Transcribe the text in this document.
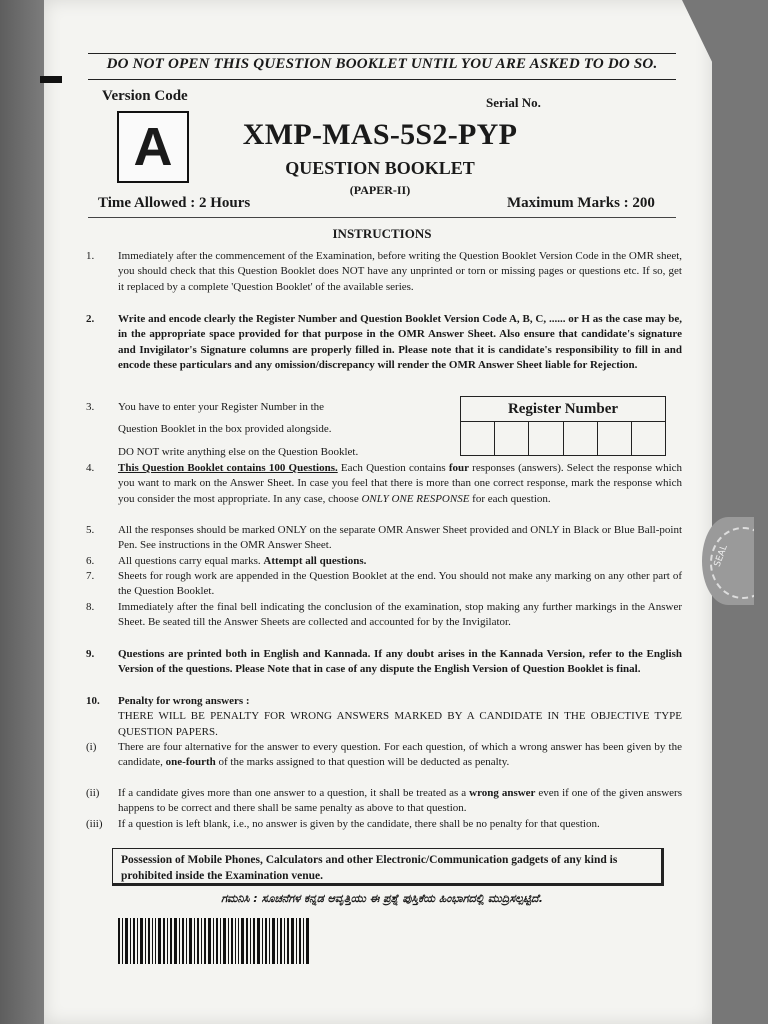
DO NOT OPEN THIS QUESTION BOOKLET UNTIL YOU ARE ASKED TO DO SO.
Version Code	Serial No.
A	XMP-MAS-5S2-PYP
QUESTION BOOKLET
(PAPER-II)
Time Allowed : 2 Hours	Maximum Marks : 200
INSTRUCTIONS
1.	Immediately after the commencement of the Examination, before writing the Question Booklet Version Code in the OMR sheet, you should check that this Question Booklet does NOT have any unprinted or torn or missing pages or questions etc. If so, get it replaced by a complete 'Question Booklet' of the available series.
2.	Write and encode clearly the Register Number and Question Booklet Version Code A, B, C, ...... or H as the case may be, in the appropriate space provided for that purpose in the OMR Answer Sheet. Also ensure that candidate's signature and Invigilator's Signature columns are properly filled in. Please note that it is candidate's responsibility to fill in and encode these particulars and any omission/discrepancy will render the OMR Answer Sheet liable for Rejection.
3.	You have to enter your Register Number in the
Question Booklet in the box provided alongside.
DO NOT write anything else on the Question Booklet.
Register Number
4.	This Question Booklet contains 100 Questions. Each Question contains four responses (answers). Select the response which you want to mark on the Answer Sheet. In case you feel that there is more than one correct response, mark the response which you consider the most appropriate. In any case, choose ONLY ONE RESPONSE for each question.
5.	All the responses should be marked ONLY on the separate OMR Answer Sheet provided and ONLY in Black or Blue Ball-point Pen. See instructions in the OMR Answer Sheet.
6.	All questions carry equal marks. Attempt all questions.
7.	Sheets for rough work are appended in the Question Booklet at the end. You should not make any marking on any other part of the Question Booklet.
8.	Immediately after the final bell indicating the conclusion of the examination, stop making any further markings in the Answer Sheet. Be seated till the Answer Sheets are collected and accounted for by the Invigilator.
9.	Questions are printed both in English and Kannada. If any doubt arises in the Kannada Version, refer to the English Version of the questions. Please Note that in case of any dispute the English Version of Question Booklet is final.
10.	Penalty for wrong answers :
THERE WILL BE PENALTY FOR WRONG ANSWERS MARKED BY A CANDIDATE IN THE OBJECTIVE TYPE QUESTION PAPERS.
(i)	There are four alternative for the answer to every question. For each question, of which a wrong answer has been given by the candidate, one-fourth of the marks assigned to that question will be deducted as penalty.
(ii)	If a candidate gives more than one answer to a question, it shall be treated as a wrong answer even if one of the given answers happens to be correct and there shall be same penalty as above to that question.
(iii)	If a question is left blank, i.e., no answer is given by the candidate, there shall be no penalty for that question.
Possession of Mobile Phones, Calculators and other Electronic/Communication gadgets of any kind is prohibited inside the Examination venue.
ಗಮನಿಸಿ : ಸೂಚನೆಗಳ ಕನ್ನಡ ಆವೃತ್ತಿಯು ಈ ಪ್ರಶ್ನೆ ಪುಸ್ತಿಕೆಯ ಹಿಂಭಾಗದಲ್ಲಿ ಮುದ್ರಿಸಲ್ಪಟ್ಟಿದೆ.
SEAL
